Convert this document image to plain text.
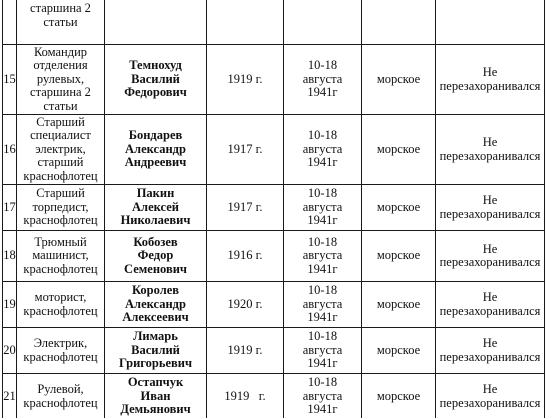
	старшина 2
статьи					
15	Командир
отделения
рулевых,
старшина 2
статьи	Темнохуд
Василий
Федорович	1919 г.	10-18
августа
1941г	морское	Не
перезахоранивался
16	Старший
специалист
электрик,
старший
краснофлотец	Бондарев
Александр
Андреевич	1917 г.	10-18
августа
1941г	морское	Не
перезахоранивался
17	Старший
торпедист,
краснофлотец	Пакин
Алексей
Николаевич	1917 г.	10-18
августа
1941г	морское	Не
перезахоранивался
18	Трюмный
машинист,
краснофлотец	Кобозев
Федор
Семенович	1916 г.	10-18
августа
1941г	морское	Не
перезахоранивался
19	моторист,
краснофлотец	Королев
Александр
Алексеевич	1920 г.	10-18
августа
1941г	морское	Не
перезахоранивался
20	Электрик,
краснофлотец	Лимарь
Василий
Григорьевич	1919 г.	10-18
августа
1941г	морское	Не
перезахоранивался
21	Рулевой,
краснофлотец	Остапчук
Иван
Демьянович	1919   г.	10-18
августа
1941г	морское	Не
перезахоранивался
